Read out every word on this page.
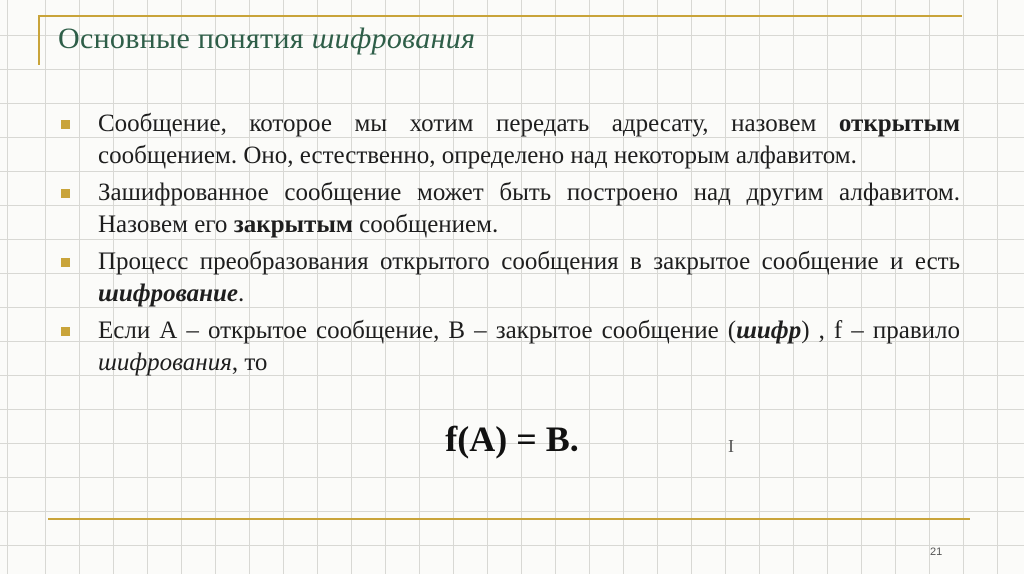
Основные понятия шифрования
Сообщение, которое мы хотим передать адресату, назовем открытым сообщением. Оно, естественно, определено над некоторым алфавитом.
Зашифрованное сообщение может быть построено над другим алфавитом. Назовем его закрытым сообщением.
Процесс преобразования открытого сообщения в закрытое сообщение и есть шифрование.
Если А – открытое сообщение, В – закрытое сообщение (шифр) , f – правило шифрования, то
f(A) = B.	I
21
